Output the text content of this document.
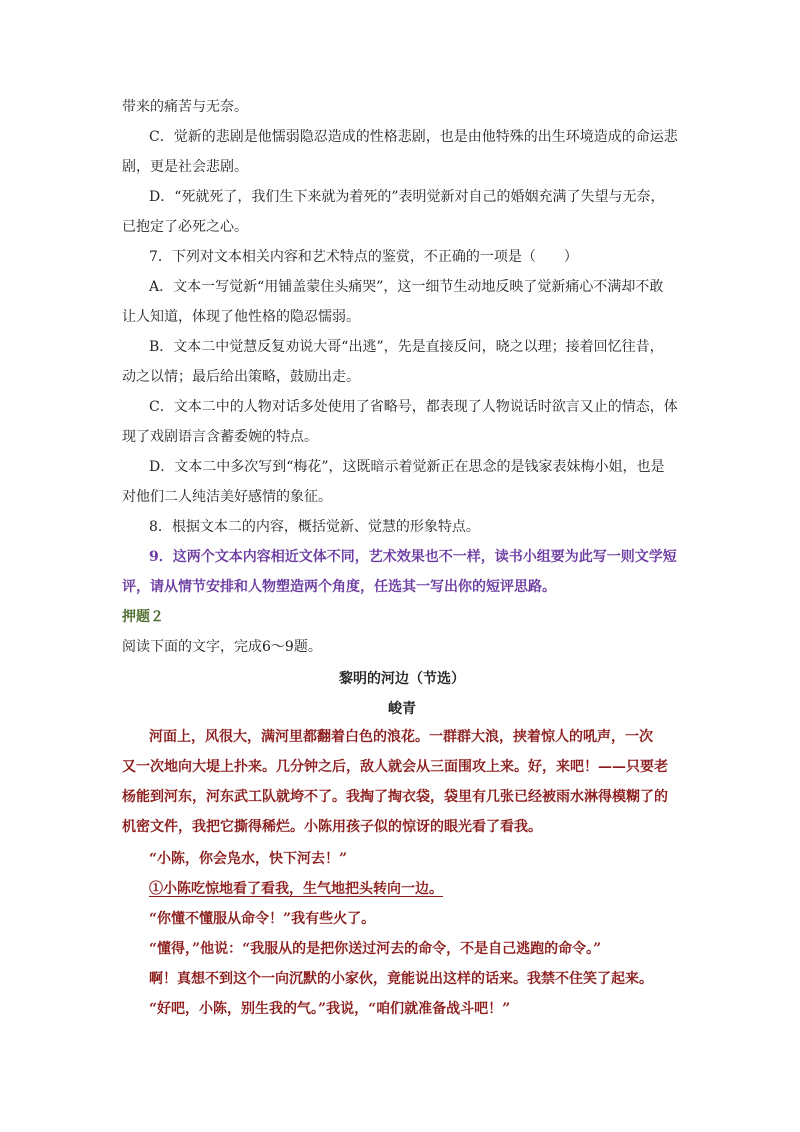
带来的痛苦与无奈。
C．觉新的悲剧是他懦弱隐忍造成的性格悲剧，也是由他特殊的出生环境造成的命运悲
剧，更是社会悲剧。
D．“死就死了，我们生下来就为着死的”表明觉新对自己的婚姻充满了失望与无奈，
已抱定了必死之心。
7．下列对文本相关内容和艺术特点的鉴赏，不正确的一项是（　　）
A．文本一写觉新“用铺盖蒙住头痛哭”，这一细节生动地反映了觉新痛心不满却不敢
让人知道，体现了他性格的隐忍懦弱。
B．文本二中觉慧反复劝说大哥“出逃”，先是直接反问，晓之以理；接着回忆往昔，
动之以情；最后给出策略，鼓励出走。
C．文本二中的人物对话多处使用了省略号，都表现了人物说话时欲言又止的情态，体
现了戏剧语言含蓄委婉的特点。
D．文本二中多次写到“梅花”，这既暗示着觉新正在思念的是钱家表妹梅小姐，也是
对他们二人纯洁美好感情的象征。
8．根据文本二的内容，概括觉新、觉慧的形象特点。
9．这两个文本内容相近文体不同，艺术效果也不一样，读书小组要为此写一则文学短
评，请从情节安排和人物塑造两个角度，任选其一写出你的短评思路。
押题２
阅读下面的文字，完成6～9题。
黎明的河边（节选）
峻青
河面上，风很大，满河里都翻着白色的浪花。一群群大浪，挟着惊人的吼声，一次
又一次地向大堤上扑来。几分钟之后，敌人就会从三面围攻上来。好，来吧！——只要老
杨能到河东，河东武工队就垮不了。我掏了掏衣袋，袋里有几张已经被雨水淋得模糊了的
机密文件，我把它撕得稀烂。小陈用孩子似的惊讶的眼光看了看我。
“小陈，你会凫水，快下河去！”
①小陈吃惊地看了看我，生气地把头转向一边。
“你懂不懂服从命令！”我有些火了。
“懂得，”他说：“我服从的是把你送过河去的命令，不是自己逃跑的命令。”
啊！真想不到这个一向沉默的小家伙，竟能说出这样的话来。我禁不住笑了起来。
“好吧，小陈，别生我的气。”我说，“咱们就准备战斗吧！”
